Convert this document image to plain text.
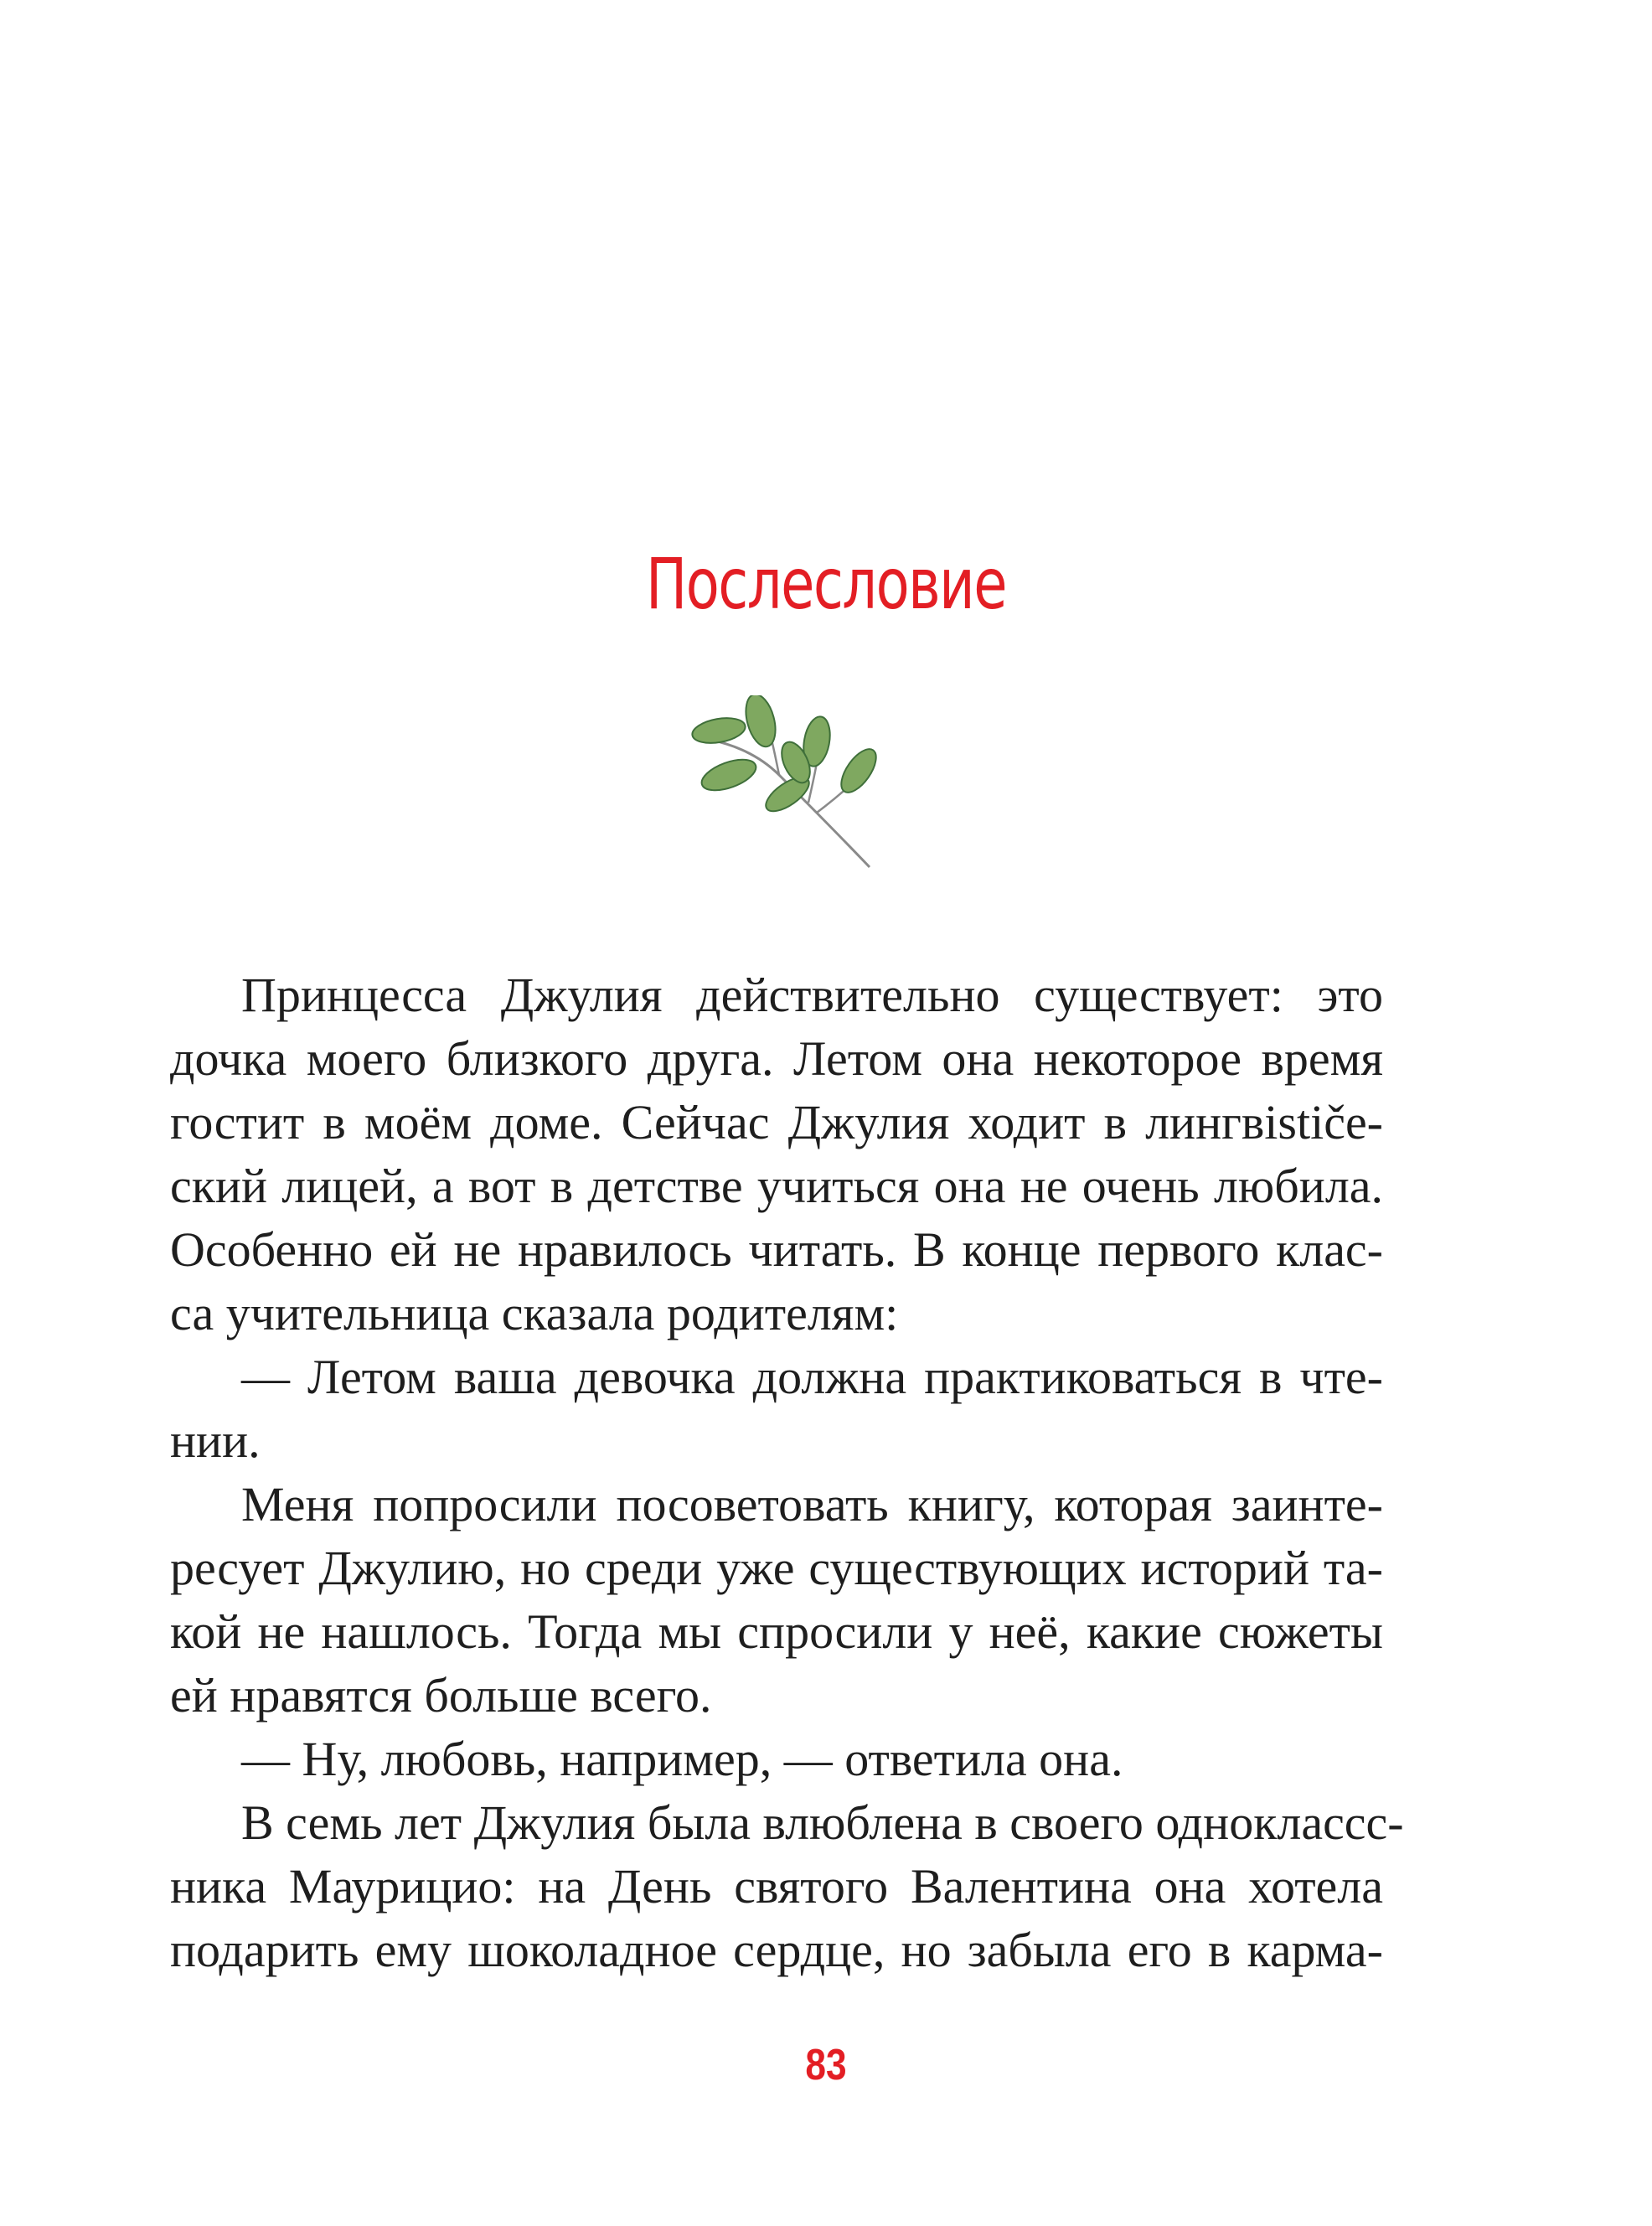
Послесловие
Принцесса Джулия действительно существует: это
дочка моего близкого друга. Летом она некоторое время
гостит в моём доме. Сейчас Джулия ходит в лингвističe-
ский лицей, а вот в детстве учиться она не очень любила.
Особенно ей не нравилось читать. В конце первого клас-
са учительница сказала родителям:
— Летом ваша девочка должна практиковаться в чте-
нии.
Меня попросили посоветовать книгу, которая заинте-
ресует Джулию, но среди уже существующих историй та-
кой не нашлось. Тогда мы спросили у неё, какие сюжеты
ей нравятся больше всего.
— Ну, любовь, например, — ответила она.
В семь лет Джулия была влюблена в своего одноклассс-
ника Маурицио: на День святого Валентина она хотела
подарить ему шоколадное сердце, но забыла его в карма-
83
